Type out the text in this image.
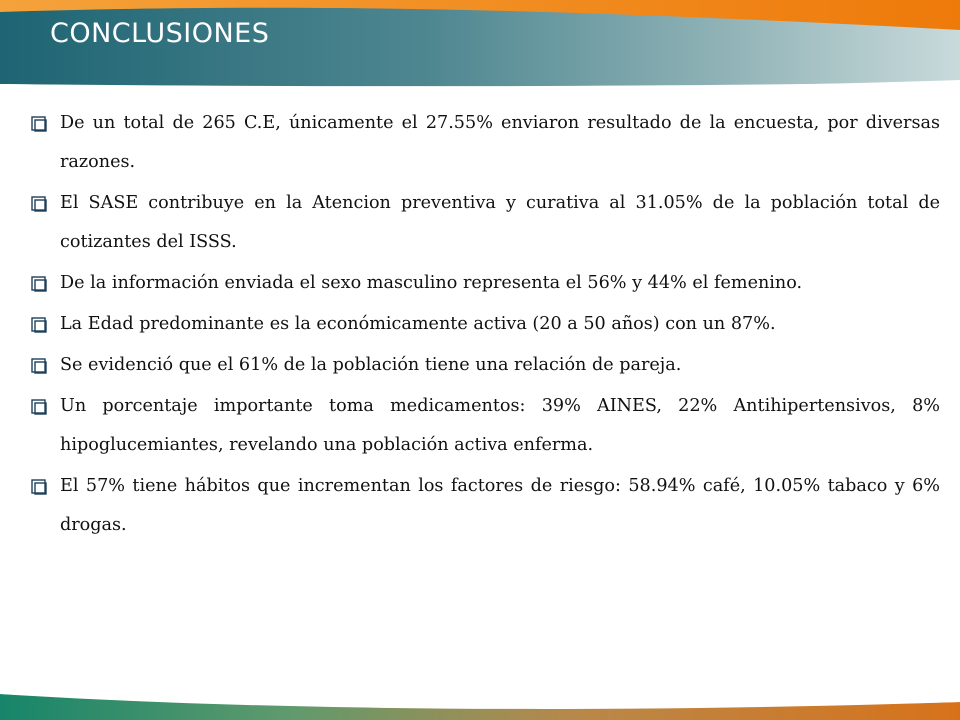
CONCLUSIONES
De un total de 265 C.E, únicamente el 27.55% enviaron resultado de la encuesta, por diversas razones.
El SASE contribuye en la Atencion preventiva y curativa al 31.05% de la población total de cotizantes del ISSS.
De la información enviada el sexo masculino representa el 56% y 44% el femenino.
La Edad predominante es la económicamente activa (20 a 50 años) con un 87%.
Se evidenció que el 61% de la población tiene una relación de pareja.
Un porcentaje importante toma medicamentos: 39% AINES, 22% Antihipertensivos, 8% hipoglucemiantes, revelando una población activa enferma.
El 57% tiene hábitos que incrementan los factores de riesgo: 58.94% café, 10.05% tabaco y 6% drogas.
